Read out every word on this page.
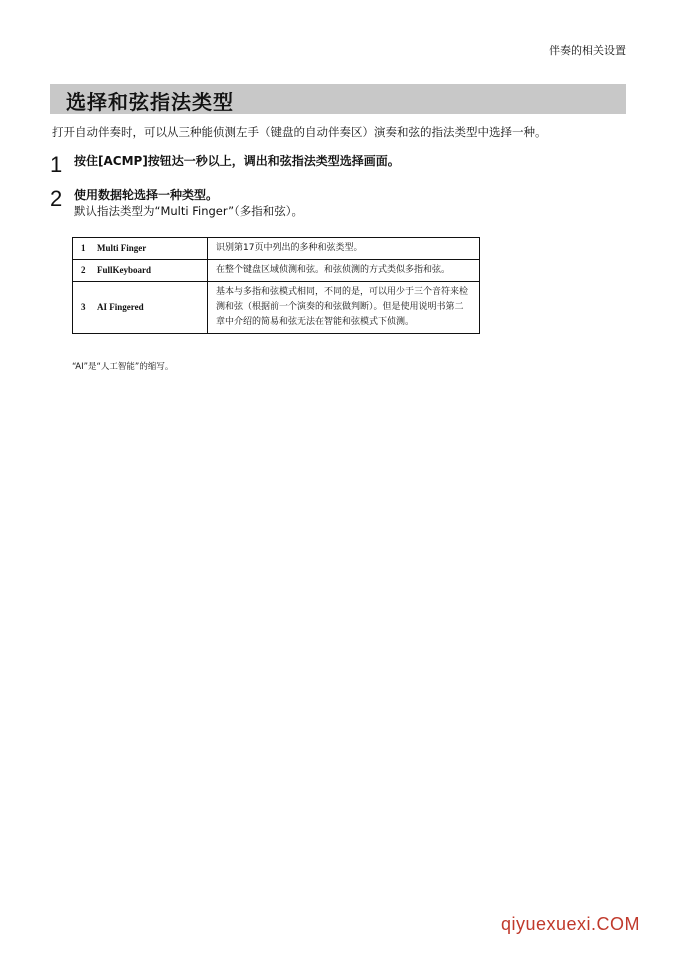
伴奏的相关设置
选择和弦指法类型
打开自动伴奏时，可以从三种能侦测左手（键盘的自动伴奏区）演奏和弦的指法类型中选择一种。
1 按住[ACMP]按钮达一秒以上，调出和弦指法类型选择画面。
2 使用数据轮选择一种类型。
默认指法类型为“Multi Finger”（多指和弦）。
1 Multi Finger	识别第17页中列出的多种和弦类型。
2 FullKeyboard	在整个键盘区域侦测和弦。和弦侦测的方式类似多指和弦。
3 AI Fingered	基本与多指和弦模式相同，不同的是，可以用少于三个音符来检测和弦（根据前一个演奏的和弦做判断）。但是使用说明书第二章中介绍的简易和弦无法在智能和弦模式下侦测。
“AI”是“人工智能”的缩写。
qiyuexuexi.COM
